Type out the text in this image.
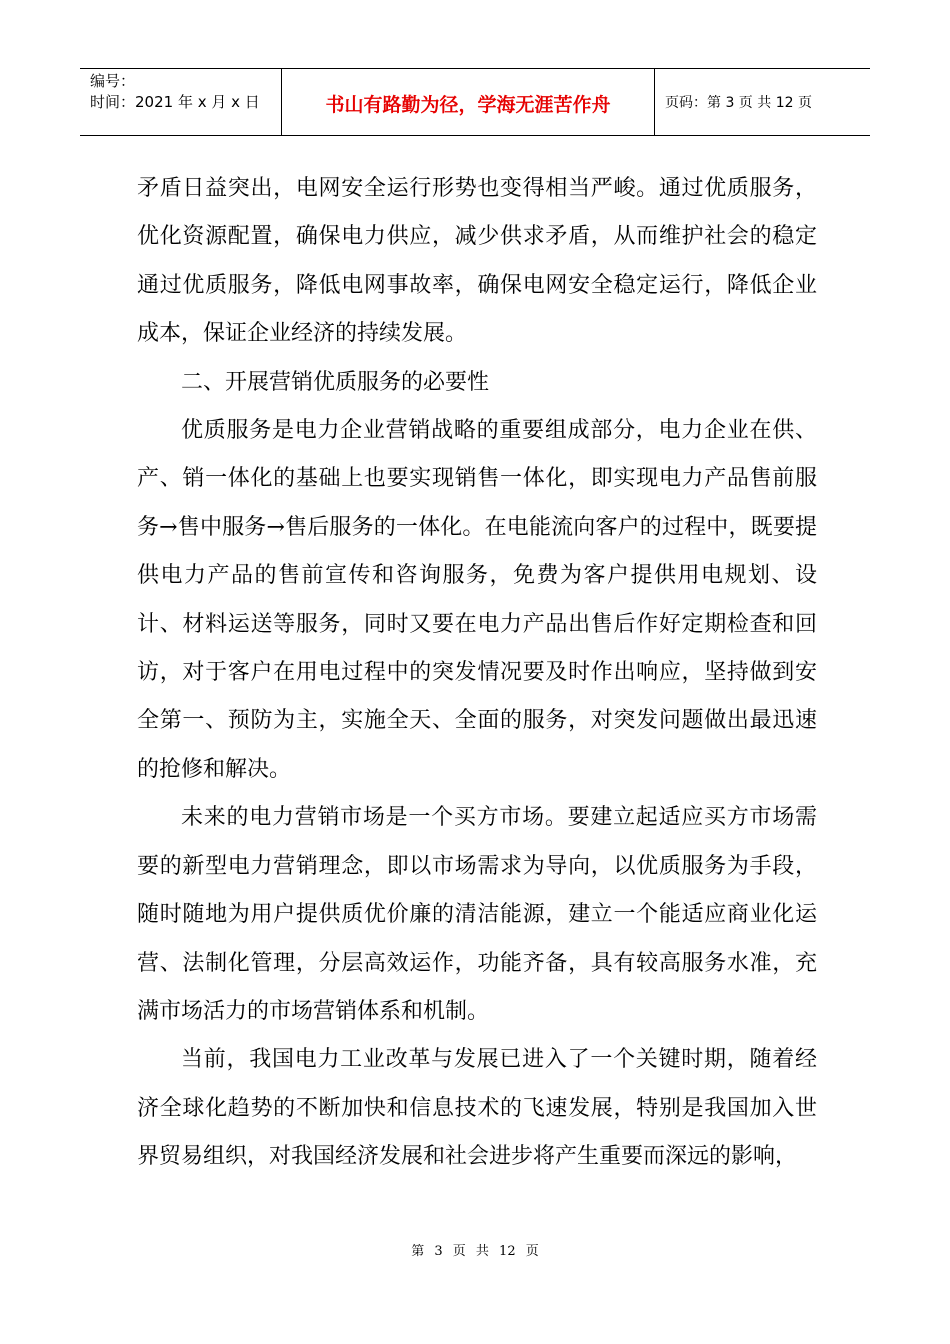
编号：
时间：2021 年 x 月 x 日	书山有路勤为径，学海无涯苦作舟	页码：第 3 页 共 12 页

矛盾日益突出，电网安全运行形势也变得相当严峻。通过优质服务，优化资源配置，确保电力供应，减少供求矛盾，从而维护社会的稳定通过优质服务，降低电网事故率，确保电网安全稳定运行，降低企业成本，保证企业经济的持续发展。

二、开展营销优质服务的必要性

优质服务是电力企业营销战略的重要组成部分，电力企业在供、产、销一体化的基础上也要实现销售一体化，即实现电力产品售前服务→售中服务→售后服务的一体化。在电能流向客户的过程中，既要提供电力产品的售前宣传和咨询服务，免费为客户提供用电规划、设计、材料运送等服务，同时又要在电力产品出售后作好定期检查和回访，对于客户在用电过程中的突发情况要及时作出响应，坚持做到安全第一、预防为主，实施全天、全面的服务，对突发问题做出最迅速的抢修和解决。

未来的电力营销市场是一个买方市场。要建立起适应买方市场需要的新型电力营销理念，即以市场需求为导向，以优质服务为手段，随时随地为用户提供质优价廉的清洁能源，建立一个能适应商业化运营、法制化管理，分层高效运作，功能齐备，具有较高服务水准，充满市场活力的市场营销体系和机制。

当前，我国电力工业改革与发展已进入了一个关键时期，随着经济全球化趋势的不断加快和信息技术的飞速发展，特别是我国加入世界贸易组织，对我国经济发展和社会进步将产生重要而深远的影响，

第 3 页 共 12 页
